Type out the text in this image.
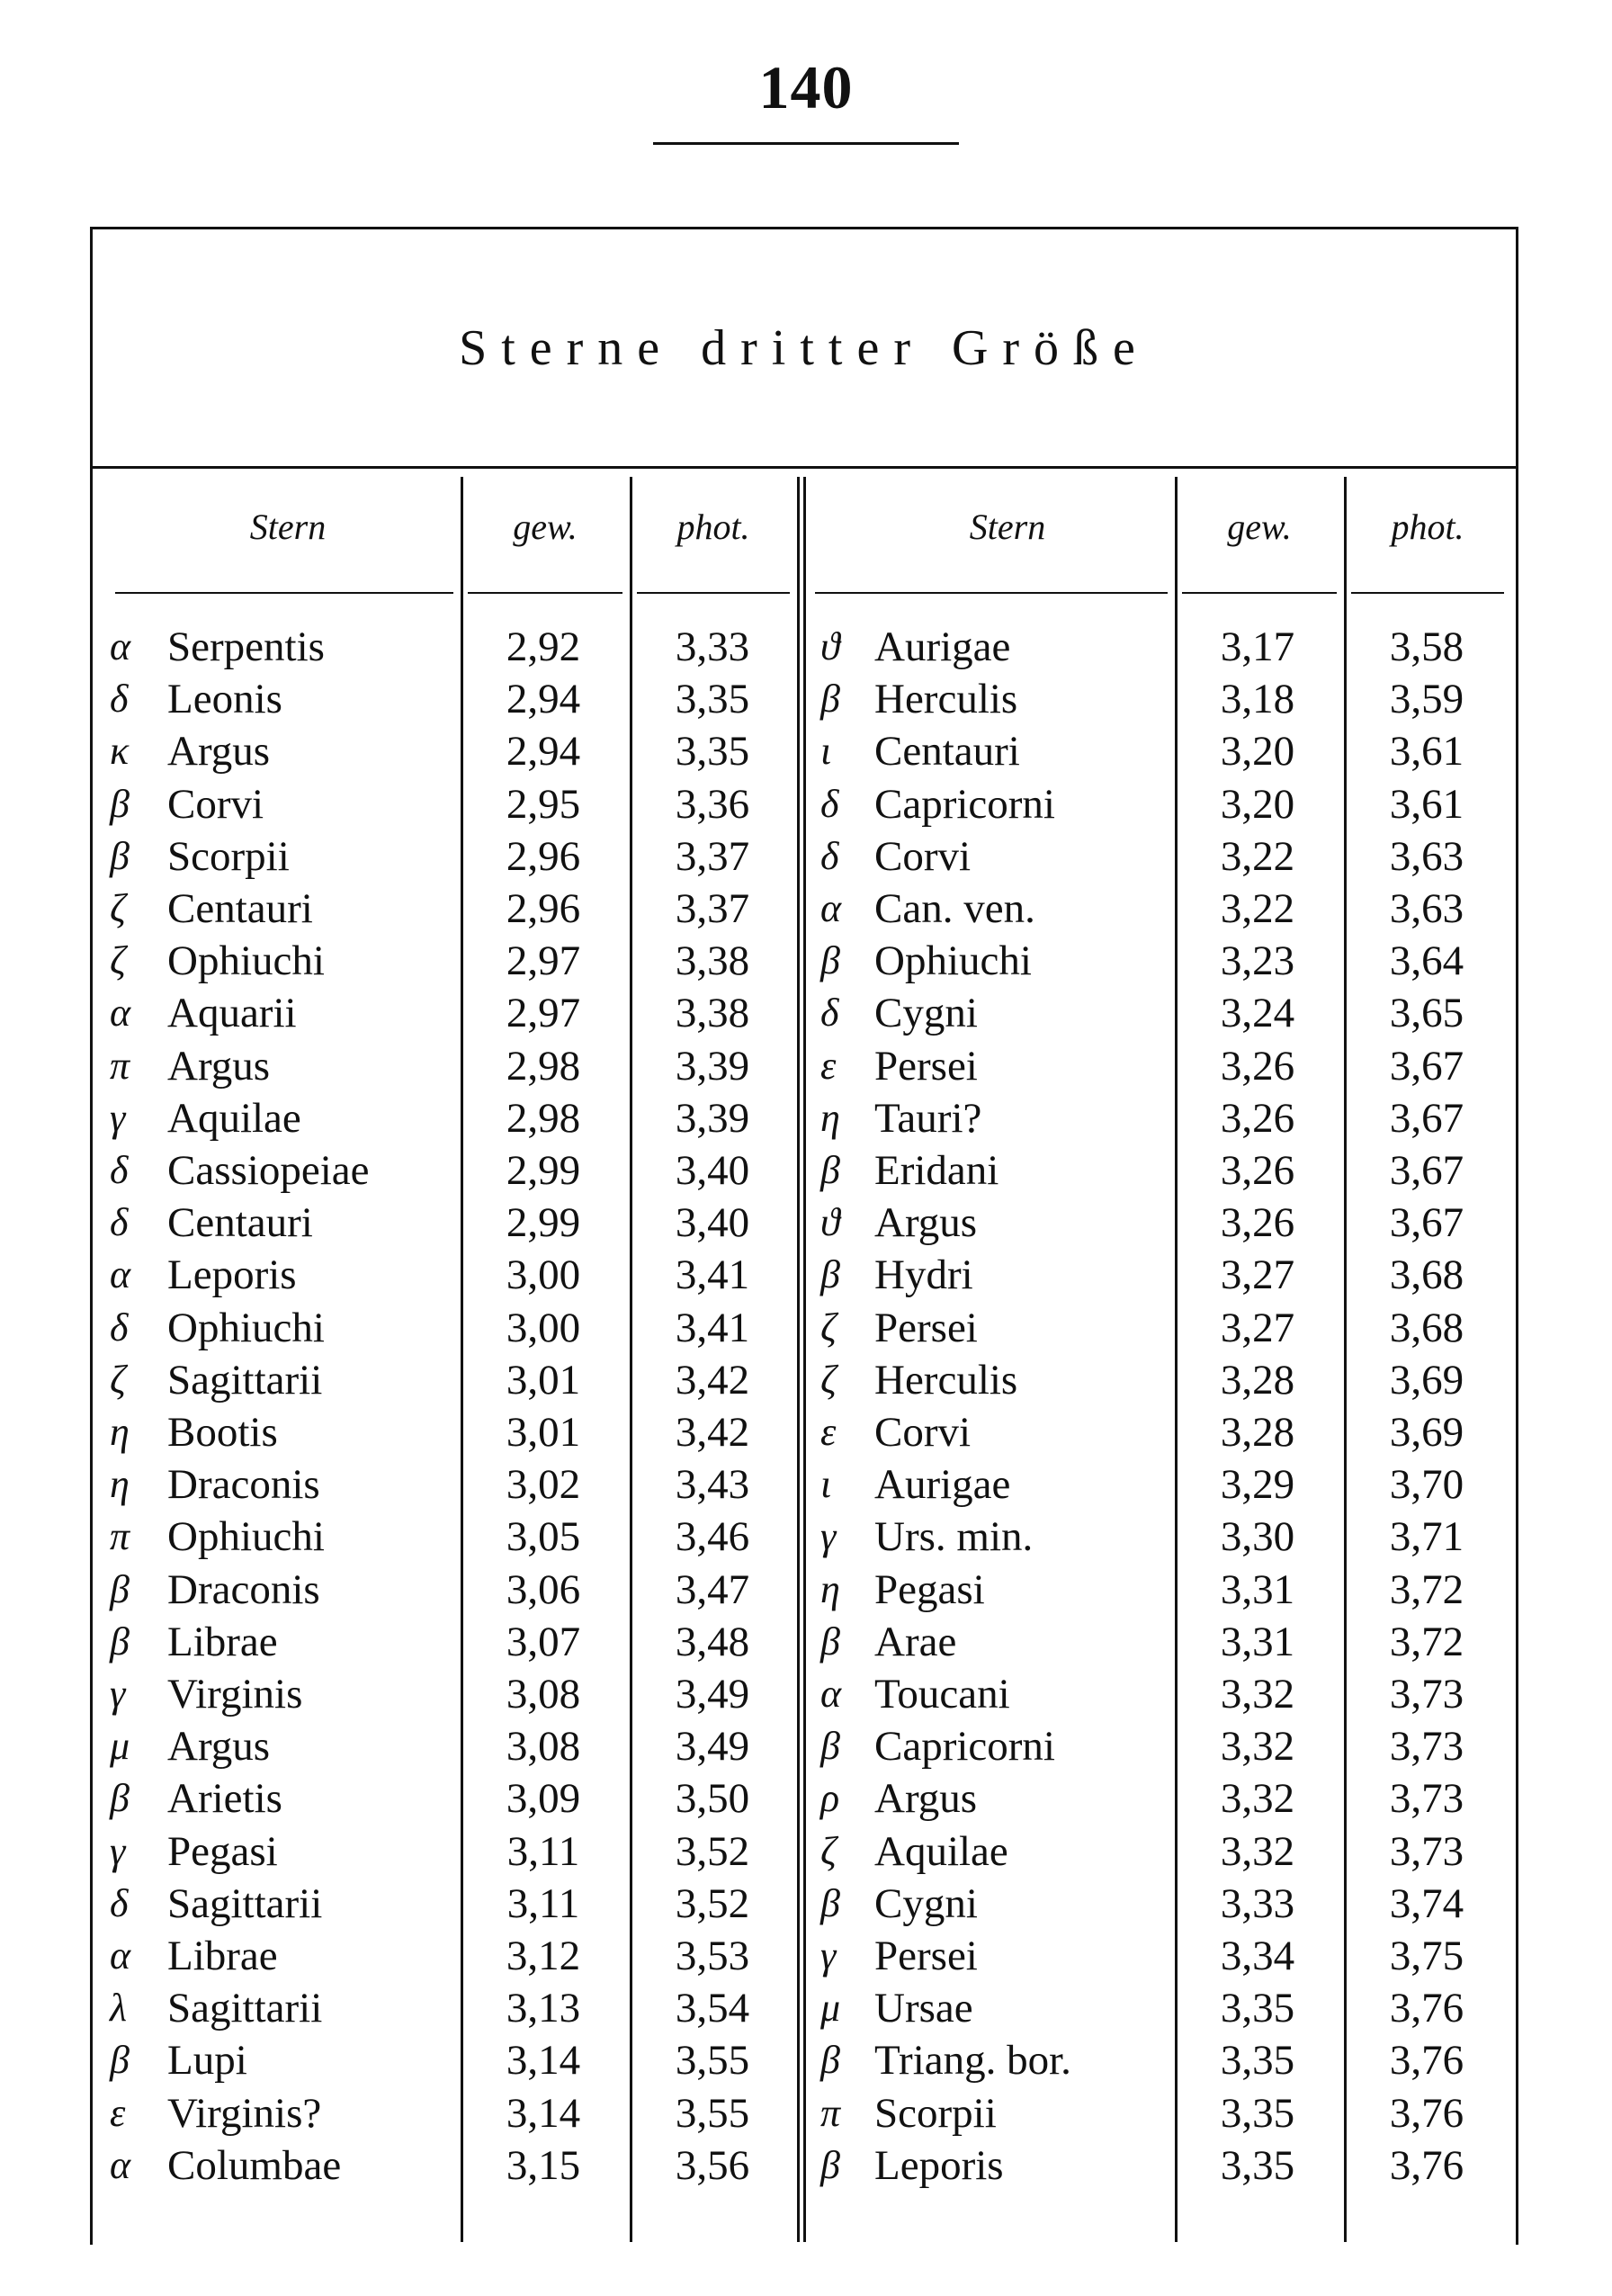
140
Sterne dritter Größe
Stern	gew.	phot.	Stern	gew.	phot.
α Serpentis	2,92	3,33
δ Leonis	2,94	3,35
κ Argus	2,94	3,35
β Corvi	2,95	3,36
β Scorpii	2,96	3,37
ζ Centauri	2,96	3,37
ζ Ophiuchi	2,97	3,38
α Aquarii	2,97	3,38
π Argus	2,98	3,39
γ Aquilae	2,98	3,39
δ Cassiopeiae	2,99	3,40
δ Centauri	2,99	3,40
α Leporis	3,00	3,41
δ Ophiuchi	3,00	3,41
ζ Sagittarii	3,01	3,42
η Bootis	3,01	3,42
η Draconis	3,02	3,43
π Ophiuchi	3,05	3,46
β Draconis	3,06	3,47
β Librae	3,07	3,48
γ Virginis	3,08	3,49
μ Argus	3,08	3,49
β Arietis	3,09	3,50
γ Pegasi	3,11	3,52
δ Sagittarii	3,11	3,52
α Librae	3,12	3,53
λ Sagittarii	3,13	3,54
β Lupi	3,14	3,55
ε Virginis?	3,14	3,55
α Columbae	3,15	3,56
ϑ Aurigae	3,17	3,58
β Herculis	3,18	3,59
ι Centauri	3,20	3,61
δ Capricorni	3,20	3,61
δ Corvi	3,22	3,63
α Can. ven.	3,22	3,63
β Ophiuchi	3,23	3,64
δ Cygni	3,24	3,65
ε Persei	3,26	3,67
η Tauri?	3,26	3,67
β Eridani	3,26	3,67
ϑ Argus	3,26	3,67
β Hydri	3,27	3,68
ζ Persei	3,27	3,68
ζ Herculis	3,28	3,69
ε Corvi	3,28	3,69
ι Aurigae	3,29	3,70
γ Urs. min.	3,30	3,71
η Pegasi	3,31	3,72
β Arae	3,31	3,72
α Toucani	3,32	3,73
β Capricorni	3,32	3,73
ρ Argus	3,32	3,73
ζ Aquilae	3,32	3,73
β Cygni	3,33	3,74
γ Persei	3,34	3,75
μ Ursae	3,35	3,76
β Triang. bor.	3,35	3,76
π Scorpii	3,35	3,76
β Leporis	3,35	3,76
